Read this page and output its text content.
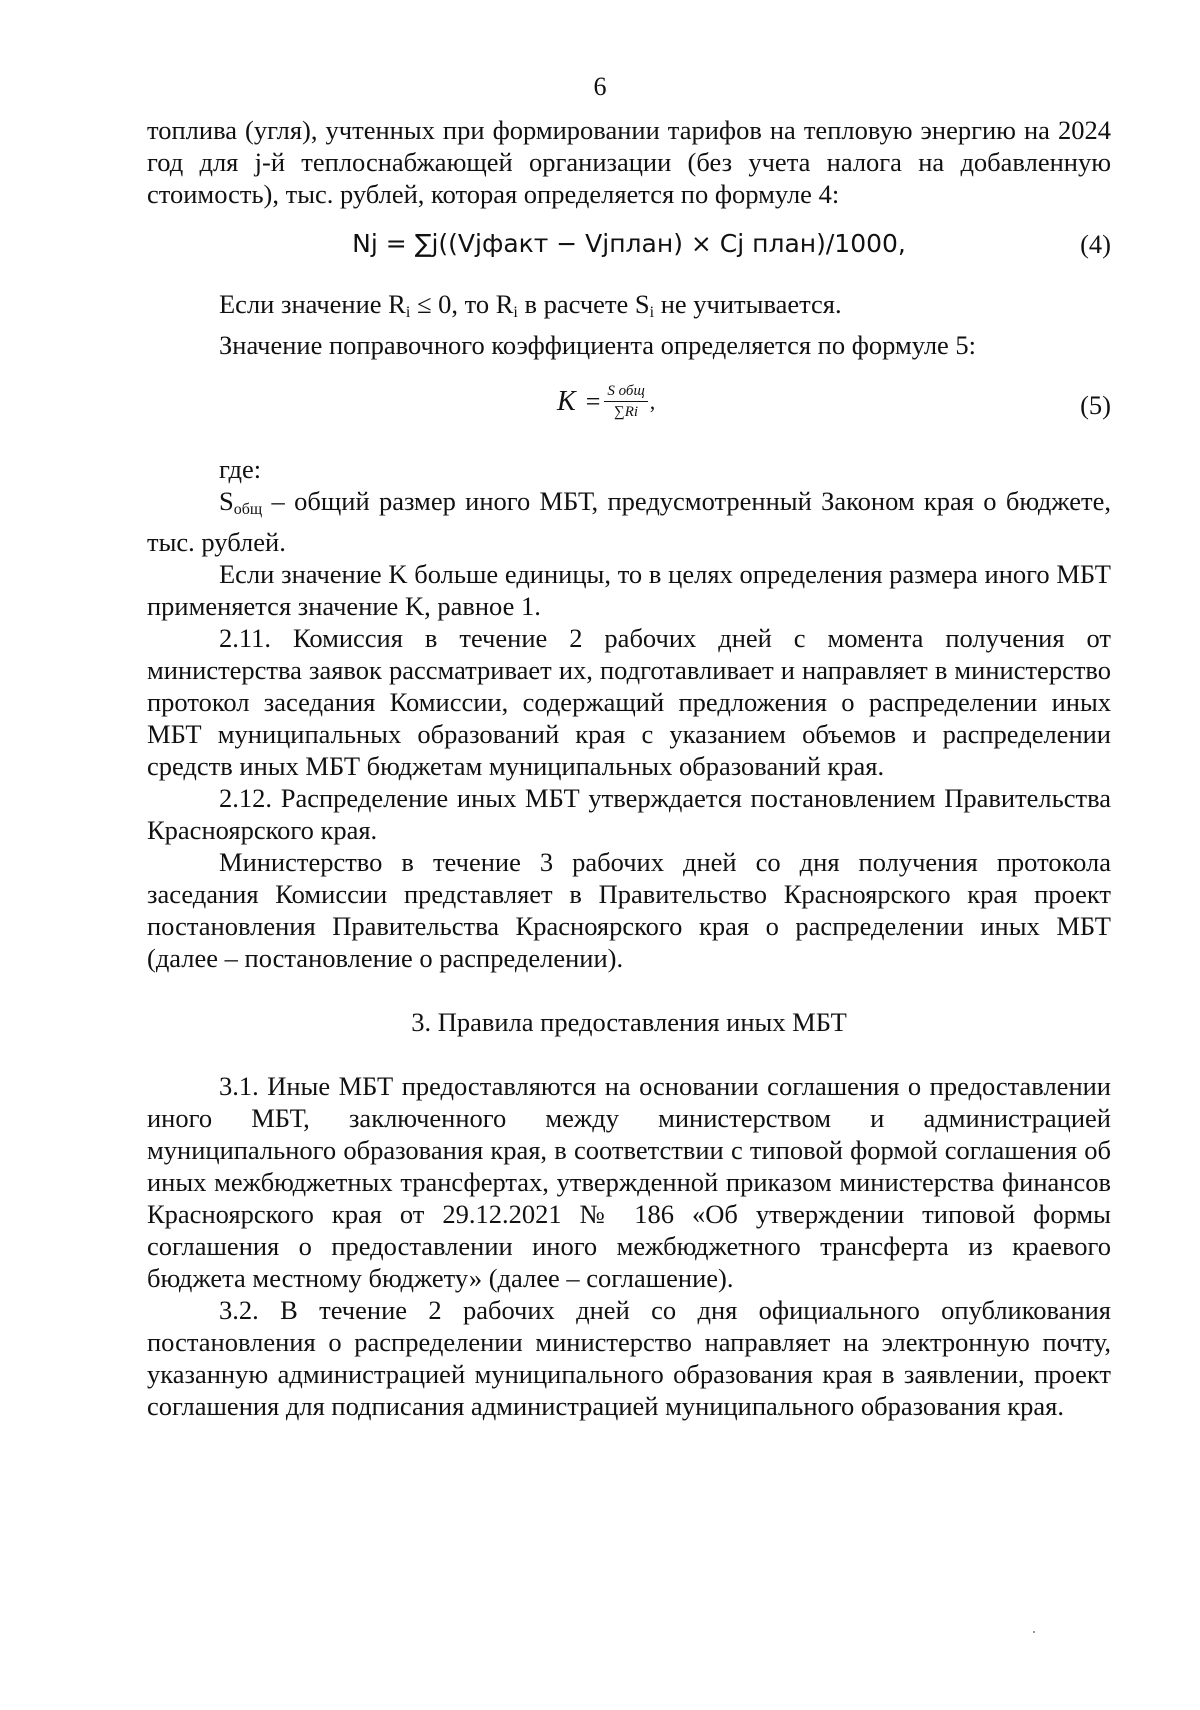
6

топлива (угля), учтенных при формировании тарифов на тепловую энергию на 2024 год для j-й теплоснабжающей организации (без учета налога на добавленную стоимость), тыс. рублей, которая определяется по формуле 4:

Nj = ∑j((Vjфакт − Vjплан) × Cj план)/1000,	(4)

Если значение $R_i \le 0$, то $R_i$ в расчете $S_i$ не учитывается.

Значение поправочного коэффициента определяется по формуле 5:

$K = \frac{\text{S общ}}{\sum Ri}$ ,	(5)

где:

$S_{общ}$ – общий размер иного МБТ, предусмотренный Законом края о бюджете, тыс. рублей.

Если значение K больше единицы, то в целях определения размера иного МБТ применяется значение K, равное 1.

2.11. Комиссия в течение 2 рабочих дней с момента получения от министерства заявок рассматривает их, подготавливает и направляет в министерство протокол заседания Комиссии, содержащий предложения о распределении иных МБТ муниципальных образований края с указанием объемов и распределении средств иных МБТ бюджетам муниципальных образований края.

2.12. Распределение иных МБТ утверждается постановлением Правительства Красноярского края.

Министерство в течение 3 рабочих дней со дня получения протокола заседания Комиссии представляет в Правительство Красноярского края проект постановления Правительства Красноярского края о распределении иных МБТ (далее – постановление о распределении).

3. Правила предоставления иных МБТ

3.1. Иные МБТ предоставляются на основании соглашения о предоставлении иного МБТ, заключенного между министерством и администрацией муниципального образования края, в соответствии с типовой формой соглашения об иных межбюджетных трансфертах, утвержденной приказом министерства финансов Красноярского края от 29.12.2021 № 186 «Об утверждении типовой формы соглашения о предоставлении иного межбюджетного трансферта из краевого бюджета местному бюджету» (далее – соглашение).

3.2. В течение 2 рабочих дней со дня официального опубликования постановления о распределении министерство направляет на электронную почту, указанную администрацией муниципального образования края в заявлении, проект соглашения для подписания администрацией муниципального образования края.
